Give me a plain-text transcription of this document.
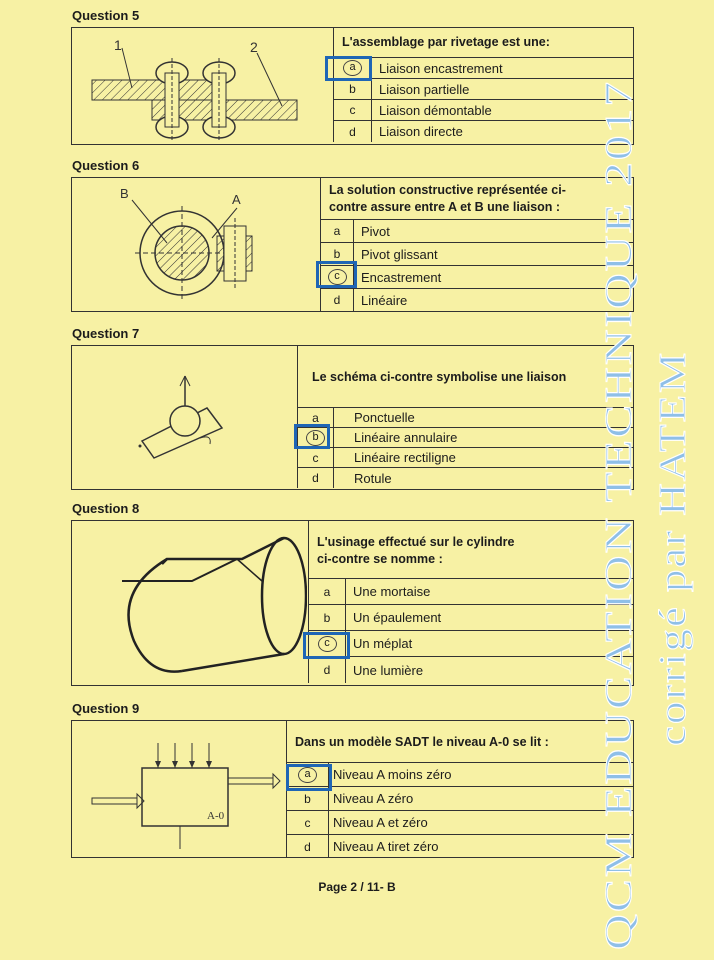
Question 5
1	2	L'assemblage par rivetage est une:
a	Liaison encastrement
b	Liaison partielle
c	Liaison démontable
d	Liaison directe
Question 6
B	A
La solution constructive représentée ci-
contre assure entre A et B une liaison :
a	Pivot
b	Pivot glissant
c	Encastrement
d	Linéaire
Question 7
Le schéma ci-contre symbolise une liaison
a	Ponctuelle
b	Linéaire annulaire
c	Linéaire rectiligne
d	Rotule
Question 8
L'usinage effectué sur le cylindre
ci-contre se nomme :
a	Une mortaise
b	Un épaulement
c	Un méplat
d	Une lumière
Question 9
A-0
Dans un modèle SADT le niveau A-0 se lit :
a	Niveau A moins zéro
b	Niveau A zéro
c	Niveau A et zéro
d	Niveau A tiret zéro
Page 2 / 11- B	QCM EDUCATION TECHNIQUE 2017 corrigé par HATEM
